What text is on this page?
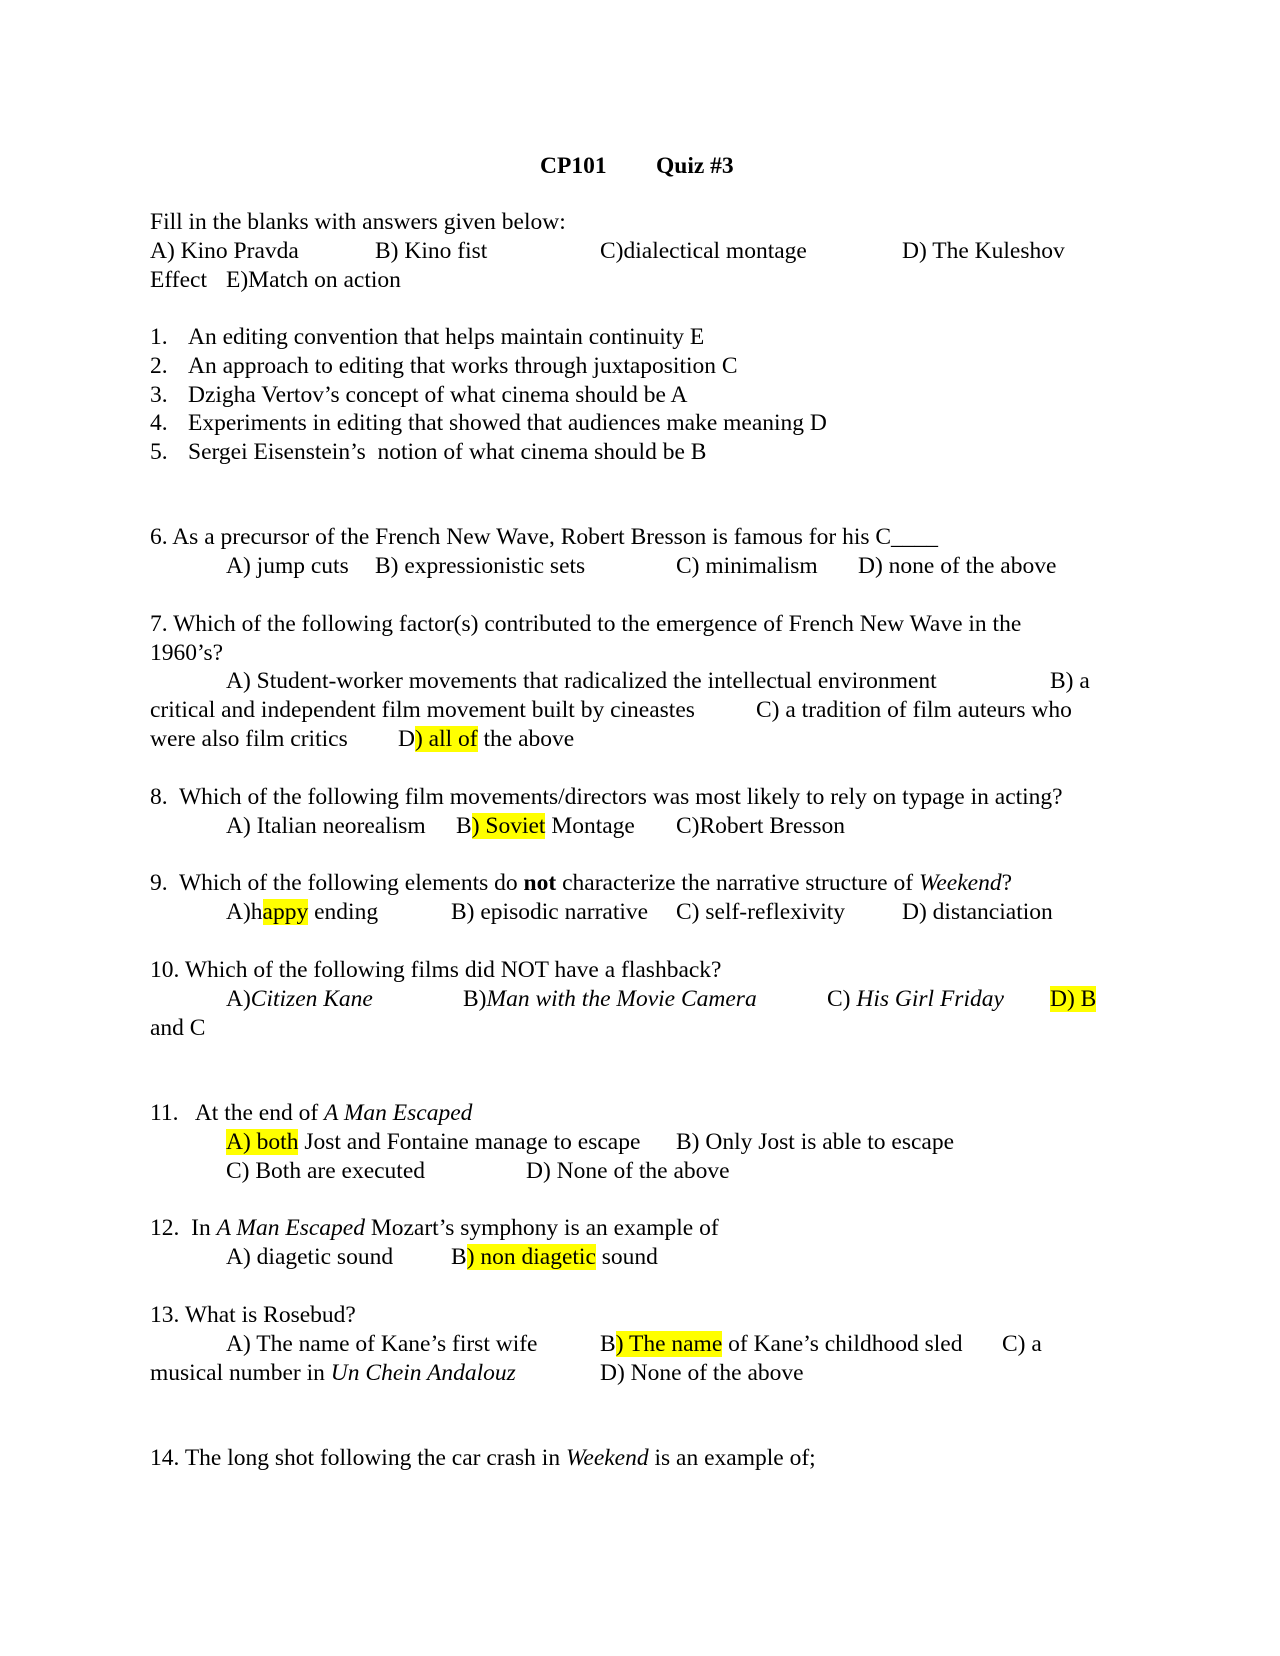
CP101 Quiz #3
Fill in the blanks with answers given below:
A) Kino Pravda	B) Kino fist	C)dialectical montage	D) The Kuleshov
Effect E)Match on action
1. An editing convention that helps maintain continuity E
2. An approach to editing that works through juxtaposition C
3. Dzigha Vertov’s concept of what cinema should be A
4. Experiments in editing that showed that audiences make meaning D
5. Sergei Eisenstein’s  notion of what cinema should be B
6. As a precursor of the French New Wave, Robert Bresson is famous for his C____
A) jump cuts B) expressionistic sets	C) minimalism D) none of the above
7. Which of the following factor(s) contributed to the emergence of French New Wave in the
1960’s?
A) Student-worker movements that radicalized the intellectual environment	B) a
critical and independent film movement built by cineastes	C) a tradition of film auteurs who
were also film critics D) all of the above
8.  Which of the following film movements/directors was most likely to rely on typage in acting?
A) Italian neorealism B) Soviet Montage C)Robert Bresson
9.  Which of the following elements do not characterize the narrative structure of Weekend?
A)happy ending	B) episodic narrative C) self-reflexivity D) distanciation
10. Which of the following films did NOT have a flashback?
A)Citizen Kane	B)Man with the Movie Camera	C) His Girl Friday D) B
and C
11.   At the end of A Man Escaped
A) both Jost and Fontaine manage to escape B) Only Jost is able to escape
C) Both are executed	D) None of the above
12.  In A Man Escaped Mozart’s symphony is an example of
A) diagetic sound B) non diagetic sound
13. What is Rosebud?
A) The name of Kane’s first wife	B) The name of Kane’s childhood sled C) a
musical number in Un Chein Andalouz	D) None of the above
14. The long shot following the car crash in Weekend is an example of;
